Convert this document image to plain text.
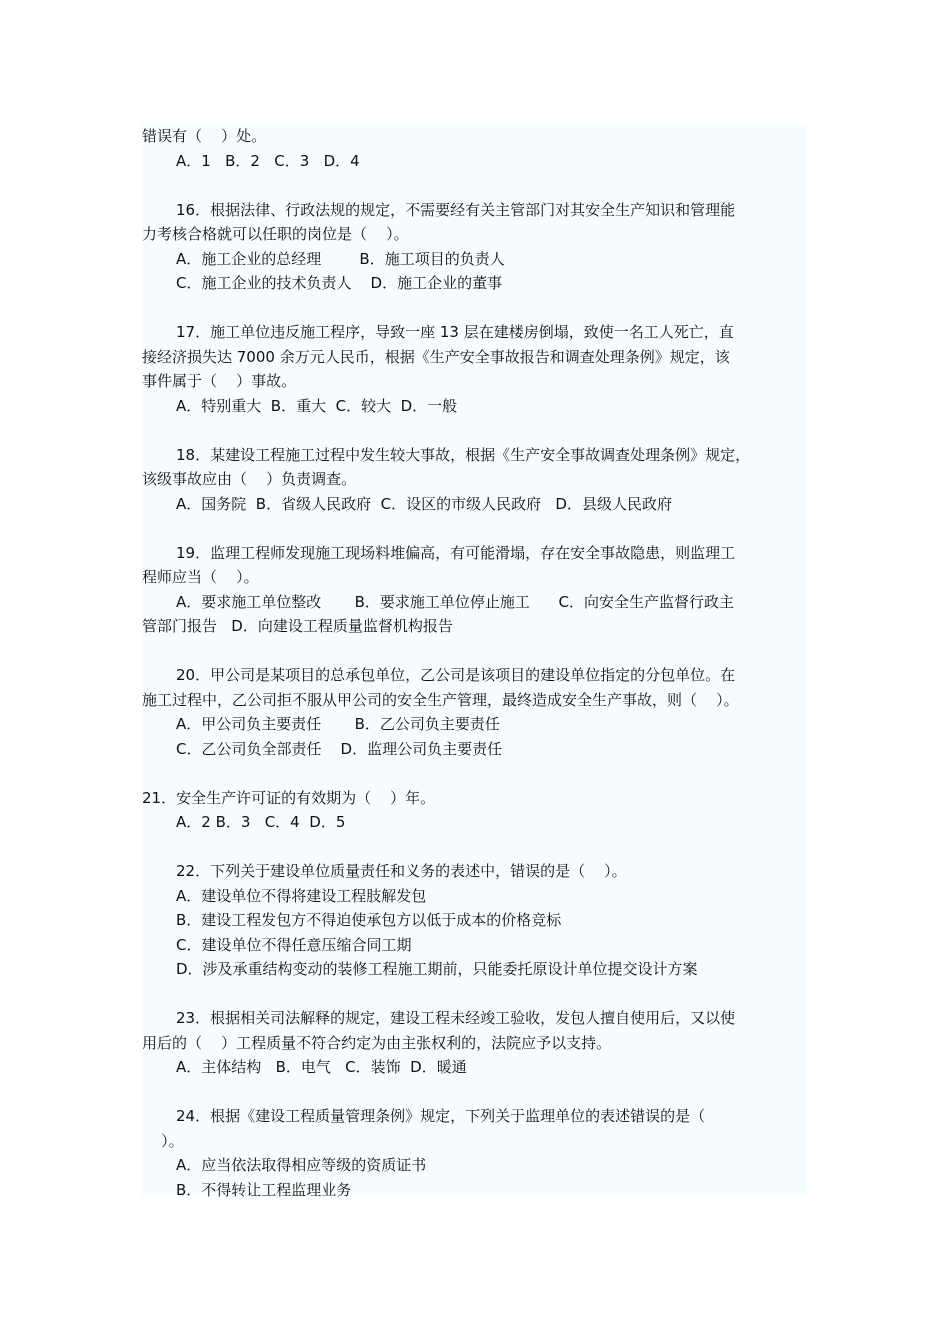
错误有（    ）处。
A．1   B．2   C．3   D．4
16．根据法律、行政法规的规定，不需要经有关主管部门对其安全生产知识和管理能
力考核合格就可以任职的岗位是（    ）。
A．施工企业的总经理        B．施工项目的负责人
C．施工企业的技术负责人    D．施工企业的董事
17．施工单位违反施工程序，导致一座 13 层在建楼房倒塌，致使一名工人死亡，直
接经济损失达 7000 余万元人民币，根据《生产安全事故报告和调查处理条例》规定，该
事件属于（    ）事故。
A．特别重大  B．重大  C．较大  D．一般
18．某建设工程施工过程中发生较大事故，根据《生产安全事故调查处理条例》规定，
该级事故应由（    ）负责调查。
A．国务院  B．省级人民政府  C．设区的市级人民政府   D．县级人民政府
19．监理工程师发现施工现场料堆偏高，有可能滑塌，存在安全事故隐患，则监理工
程师应当（    ）。
A．要求施工单位整改       B．要求施工单位停止施工      C．向安全生产监督行政主
管部门报告   D．向建设工程质量监督机构报告
20．甲公司是某项目的总承包单位，乙公司是该项目的建设单位指定的分包单位。在
施工过程中，乙公司拒不服从甲公司的安全生产管理，最终造成安全生产事故，则（    ）。
A．甲公司负主要责任       B．乙公司负主要责任
C．乙公司负全部责任    D．监理公司负主要责任
21．安全生产许可证的有效期为（    ）年。
A．2 B．3   C．4  D．5
22．下列关于建设单位质量责任和义务的表述中，错误的是（    ）。
A．建设单位不得将建设工程肢解发包
B．建设工程发包方不得迫使承包方以低于成本的价格竞标
C．建设单位不得任意压缩合同工期
D．涉及承重结构变动的装修工程施工期前，只能委托原设计单位提交设计方案
23．根据相关司法解释的规定，建设工程未经竣工验收，发包人擅自使用后，又以使
用后的（    ）工程质量不符合约定为由主张权利的，法院应予以支持。
A．主体结构   B．电气   C．装饰  D．暖通
24．根据《建设工程质量管理条例》规定，下列关于监理单位的表述错误的是（
）。
A．应当依法取得相应等级的资质证书
B．不得转让工程监理业务
